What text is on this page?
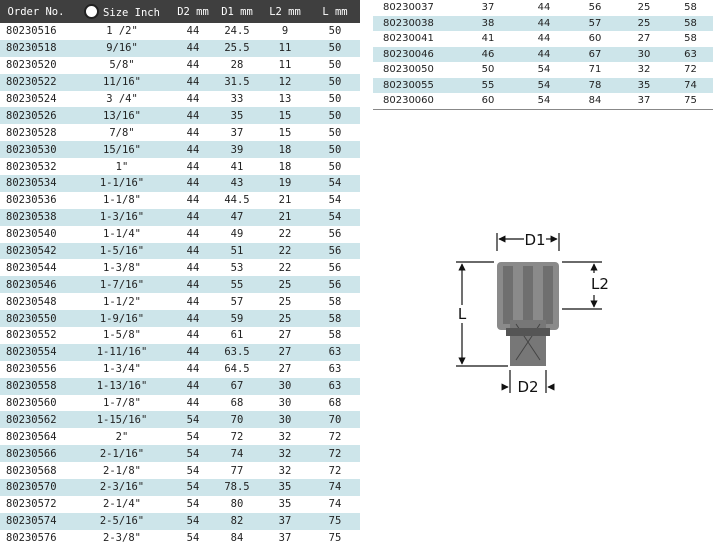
Order No.	Size Inch	D2 mm	D1 mm	L2 mm	L mm
80230516	1 /2"	44	24.5	9	50
80230518	9/16"	44	25.5	11	50
80230520	5/8"	44	28	11	50
80230522	11/16"	44	31.5	12	50
80230524	3 /4"	44	33	13	50
80230526	13/16"	44	35	15	50
80230528	7/8"	44	37	15	50
80230530	15/16"	44	39	18	50
80230532	1"	44	41	18	50
80230534	1-1/16"	44	43	19	54
80230536	1-1/8"	44	44.5	21	54
80230538	1-3/16"	44	47	21	54
80230540	1-1/4"	44	49	22	56
80230542	1-5/16"	44	51	22	56
80230544	1-3/8"	44	53	22	56
80230546	1-7/16"	44	55	25	56
80230548	1-1/2"	44	57	25	58
80230550	1-9/16"	44	59	25	58
80230552	1-5/8"	44	61	27	58
80230554	1-11/16"	44	63.5	27	63
80230556	1-3/4"	44	64.5	27	63
80230558	1-13/16"	44	67	30	63
80230560	1-7/8"	44	68	30	68
80230562	1-15/16"	54	70	30	70
80230564	2"	54	72	32	72
80230566	2-1/16"	54	74	32	72
80230568	2-1/8"	54	77	32	72
80230570	2-3/16"	54	78.5	35	74
80230572	2-1/4"	54	80	35	74
80230574	2-5/16"	54	82	37	75
80230576	2-3/8"	54	84	37	75
80230037	37	44	56	25	58
80230038	38	44	57	25	58
80230041	41	44	60	27	58
80230046	46	44	67	30	63
80230050	50	54	71	32	72
80230055	55	54	78	35	74
80230060	60	54	84	37	75
D1
D2
L
L2
